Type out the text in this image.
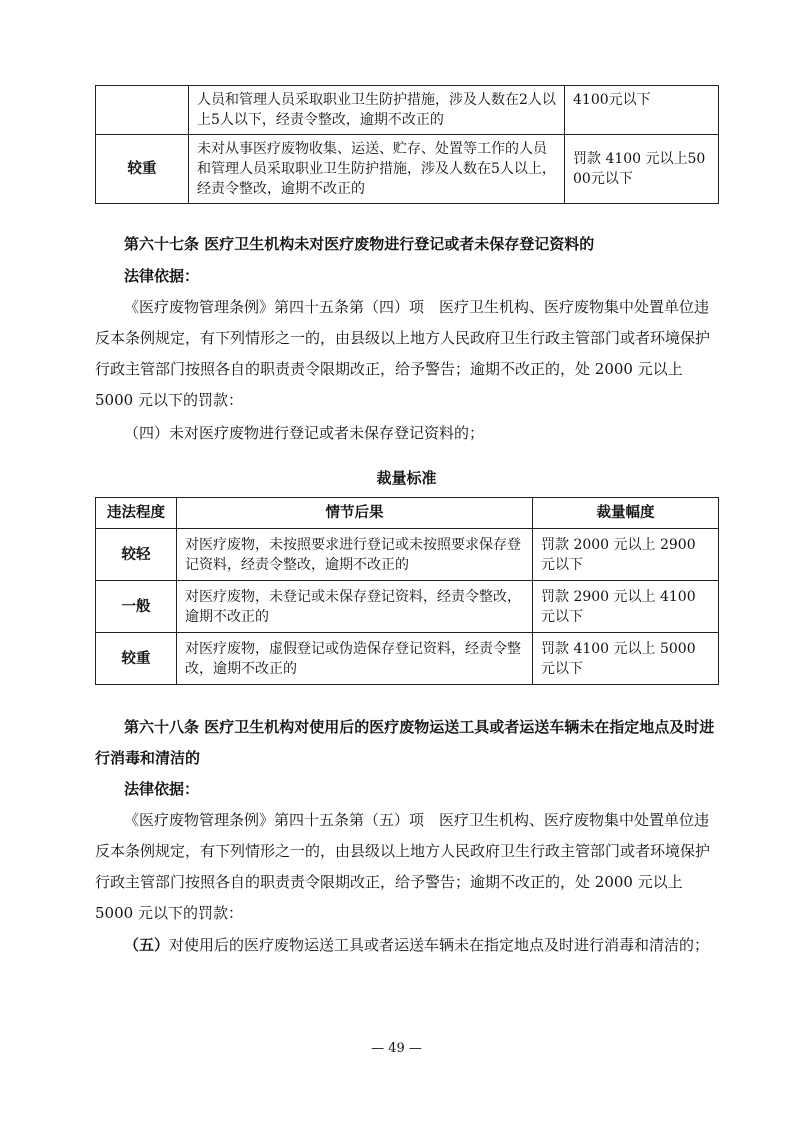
	人员和管理人员采取职业卫生防护措施，涉及人数在2人以上5人以下，经责令整改，逾期不改正的	4100元以下
较重	未对从事医疗废物收集、运送、贮存、处置等工作的人员和管理人员采取职业卫生防护措施，涉及人数在5人以上，经责令整改，逾期不改正的	罚款 4100 元以上5000元以下
第六十七条 医疗卫生机构未对医疗废物进行登记或者未保存登记资料的
法律依据：
《医疗废物管理条例》第四十五条第（四）项　医疗卫生机构、医疗废物集中处置单位违反本条例规定，有下列情形之一的，由县级以上地方人民政府卫生行政主管部门或者环境保护行政主管部门按照各自的职责责令限期改正，给予警告；逾期不改正的，处 2000 元以上 5000 元以下的罚款：
（四）未对医疗废物进行登记或者未保存登记资料的；
裁量标准
违法程度	情节后果	裁量幅度
较轻	对医疗废物，未按照要求进行登记或未按照要求保存登记资料，经责令整改，逾期不改正的	罚款 2000 元以上 2900 元以下
一般	对医疗废物，未登记或未保存登记资料，经责令整改，逾期不改正的	罚款 2900 元以上 4100 元以下
较重	对医疗废物，虚假登记或伪造保存登记资料，经责令整改，逾期不改正的	罚款 4100 元以上 5000 元以下
第六十八条 医疗卫生机构对使用后的医疗废物运送工具或者运送车辆未在指定地点及时进行消毒和清洁的
法律依据：
《医疗废物管理条例》第四十五条第（五）项　医疗卫生机构、医疗废物集中处置单位违反本条例规定，有下列情形之一的，由县级以上地方人民政府卫生行政主管部门或者环境保护行政主管部门按照各自的职责责令限期改正，给予警告；逾期不改正的，处 2000 元以上 5000 元以下的罚款：
（五）对使用后的医疗废物运送工具或者运送车辆未在指定地点及时进行消毒和清洁的；
— 49 —
